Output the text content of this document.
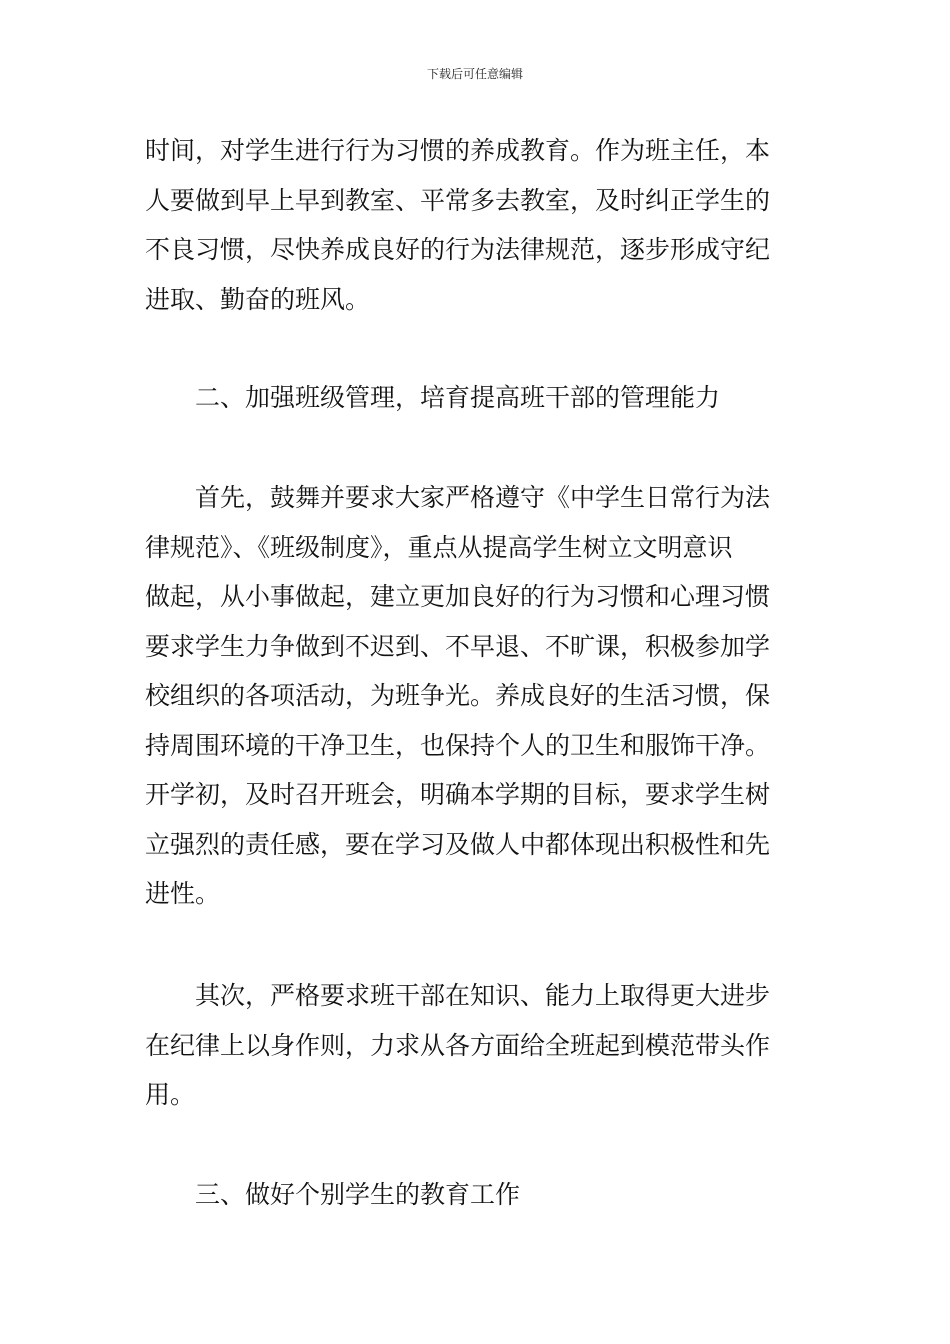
下载后可任意编辑
时间，对学生进行行为习惯的养成教育。作为班主任，本
人要做到早上早到教室、平常多去教室，及时纠正学生的
不良习惯，尽快养成良好的行为法律规范，逐步形成守纪
进取、勤奋的班风。
二、加强班级管理，培育提高班干部的管理能力
首先，鼓舞并要求大家严格遵守《中学生日常行为法
律规范》、《班级制度》，重点从提高学生树立文明意识
做起，从小事做起，建立更加良好的行为习惯和心理习惯
要求学生力争做到不迟到、不早退、不旷课，积极参加学
校组织的各项活动，为班争光。养成良好的生活习惯，保
持周围环境的干净卫生，也保持个人的卫生和服饰干净。
开学初，及时召开班会，明确本学期的目标，要求学生树
立强烈的责任感，要在学习及做人中都体现出积极性和先
进性。
其次，严格要求班干部在知识、能力上取得更大进步
在纪律上以身作则，力求从各方面给全班起到模范带头作
用。
三、做好个别学生的教育工作
